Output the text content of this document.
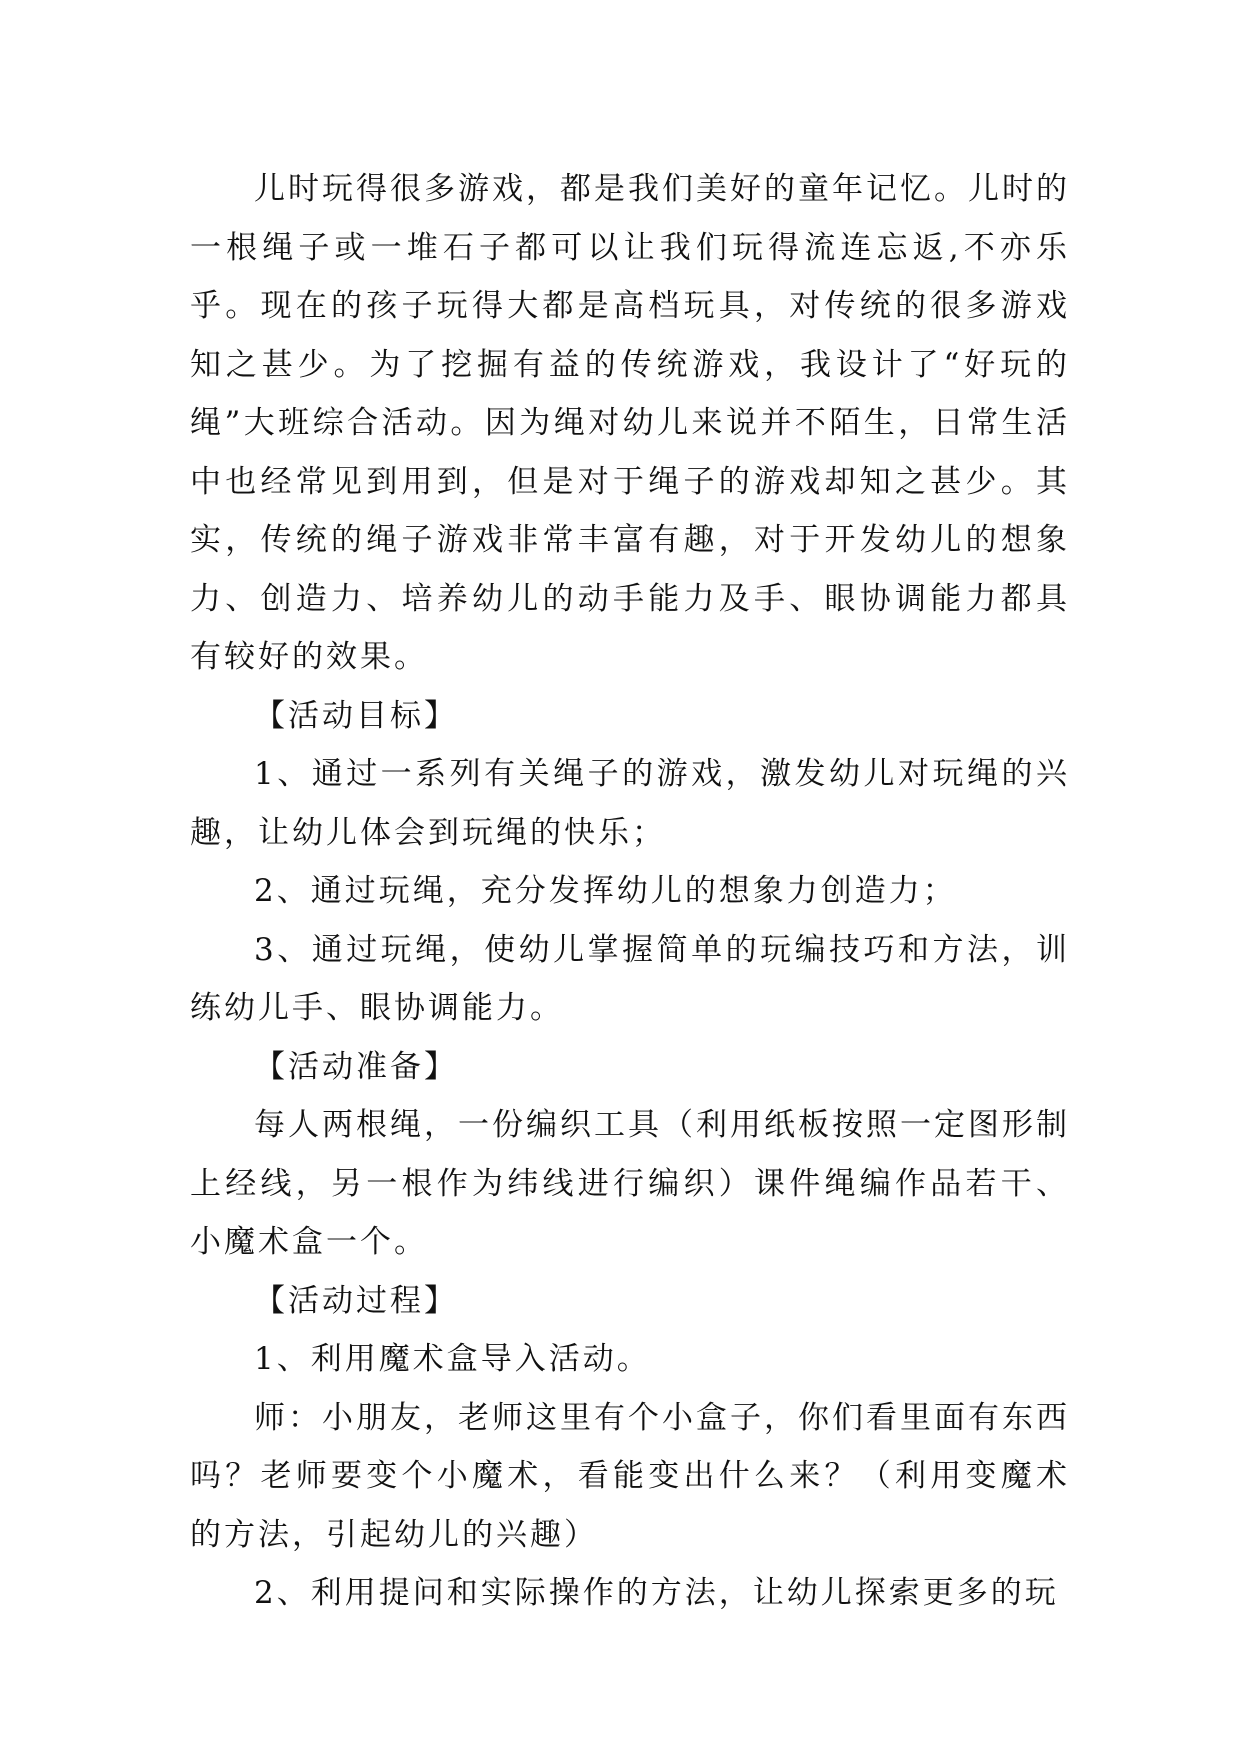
儿时玩得很多游戏，都是我们美好的童年记忆。儿时的一根绳子或一堆石子都可以让我们玩得流连忘返,不亦乐乎。现在的孩子玩得大都是高档玩具，对传统的很多游戏知之甚少。为了挖掘有益的传统游戏，我设计了“好玩的绳”大班综合活动。因为绳对幼儿来说并不陌生，日常生活中也经常见到用到，但是对于绳子的游戏却知之甚少。其实，传统的绳子游戏非常丰富有趣，对于开发幼儿的想象力、创造力、培养幼儿的动手能力及手、眼协调能力都具有较好的效果。

【活动目标】

1、通过一系列有关绳子的游戏，激发幼儿对玩绳的兴趣，让幼儿体会到玩绳的快乐；

2、通过玩绳，充分发挥幼儿的想象力创造力；

3、通过玩绳，使幼儿掌握简单的玩编技巧和方法，训练幼儿手、眼协调能力。

【活动准备】

每人两根绳，一份编织工具（利用纸板按照一定图形制上经线，另一根作为纬线进行编织）课件绳编作品若干、小魔术盒一个。

【活动过程】

1、利用魔术盒导入活动。

师：小朋友，老师这里有个小盒子，你们看里面有东西吗？老师要变个小魔术，看能变出什么来？（利用变魔术的方法，引起幼儿的兴趣）

2、利用提问和实际操作的方法，让幼儿探索更多的玩
